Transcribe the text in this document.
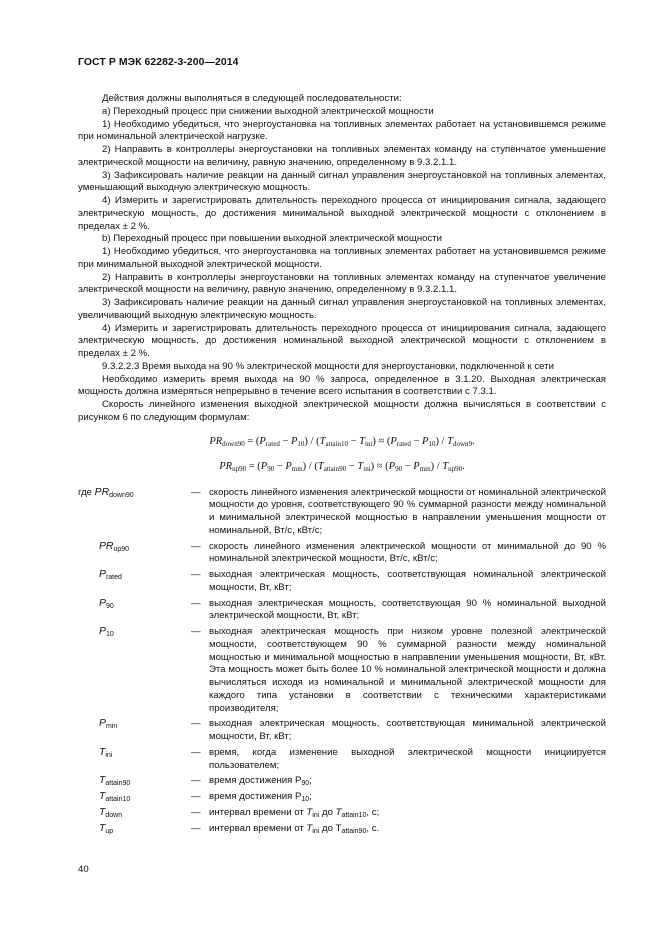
ГОСТ Р МЭК 62282-3-200—2014

Действия должны выполняться в следующей последовательности:

а) Переходный процесс при снижении выходной электрической мощности

1) Необходимо убедиться, что энергоустановка на топливных элементах работает на установившемся режиме при номинальной электрической нагрузке.

2) Направить в контроллеры энергоустановки на топливных элементах команду на ступенчатое уменьшение электрической мощности на величину, равную значению, определенному в 9.3.2.1.1.

3) Зафиксировать наличие реакции на данный сигнал управления энергоустановкой на топливных элементах, уменьшающий выходную электрическую мощность.

4) Измерить и зарегистрировать длительность переходного процесса от инициирования сигнала, задающего электрическую мощность, до достижения минимальной выходной электрической мощности с отклонением в пределах ± 2 %.

b) Переходный процесс при повышении выходной электрической мощности

1) Необходимо убедиться, что энергоустановка на топливных элементах работает на установившемся режиме при минимальной выходной электрической мощности.

2) Направить в контроллеры энергоустановки на топливных элементах команду на ступенчатое увеличение электрической мощности на величину, равную значению, определенному в 9.3.2.1.1.

3) Зафиксировать наличие реакции на данный сигнал управления энергоустановкой на топливных элементах, увеличивающий выходную электрическую мощность.

4) Измерить и зарегистрировать длительность переходного процесса от инициирования сигнала, задающего электрическую мощность, до достижения номинальной выходной электрической мощности с отклонением в пределах ± 2 %.

9.3.2.2.3 Время выхода на 90 % электрической мощности для энергоустановки, подключенной к сети

Необходимо измерить время выхода на 90 % запроса, определенное в 3.1.20. Выходная электрическая мощность должна измеряться непрерывно в течение всего испытания в соответствии с 7.3.1.

Скорость линейного изменения выходной электрической мощности должна вычисляться в соответствии с рисунком 6 по следующим формулам:

$PR_{down90} = (P_{rated} - P_{10}) / (T_{attain10} - T_{ini}) \approx (P_{rated} - P_{10}) / T_{down9}$.
$PR_{up90} = (P_{90} - P_{min}) / (T_{attain90} - T_{ini}) \approx (P_{90} - P_{min}) / T_{up90}$.
где $PR_{down90}$	—	скорость линейного изменения электрической мощности от номинальной электрической мощности до уровня, соответствующего 90 % суммарной разности между номинальной и минимальной электрической мощностью в направлении уменьшения мощности от номинальной, Вт/с, кВт/с;
$PR_{up90}$	—	скорость линейного изменения электрической мощности от минимальной до 90 % номинальной электрической мощности, Вт/с, кВт/с;
$P_{rated}$	—	выходная электрическая мощность, соответствующая номинальной электрической мощности, Вт, кВт;
$P_{90}$	—	выходная электрическая мощность, соответствующая 90 % номинальной выходной электрической мощности, Вт, кВт;
$P_{10}$	—	выходная электрическая мощность при низком уровне полезной электрической мощности, соответствующем 90 % суммарной разности между номинальной мощностью и минимальной мощностью в направлении уменьшения мощности, Вт, кВт. Эта мощность может быть более 10 % номинальной электрической мощности и должна вычисляться исходя из номинальной и минимальной электрической мощности для каждого типа установки в соответствии с техническими характеристиками производителя;
$P_{min}$	—	выходная электрическая мощность, соответствующая минимальной электрической мощности, Вт, кВт;
$T_{ini}$	—	время, когда изменение выходной электрической мощности инициируется пользователем;
$T_{attain90}$	—	время достижения $P_{90}$;
$T_{attain10}$	—	время достижения $P_{10}$;
$T_{down}$	—	интервал времени от $T_{ini}$ до $T_{attain10}$, с;
$T_{up}$	—	интервал времени от $T_{ini}$ до $T_{attain90}$, с.
40
